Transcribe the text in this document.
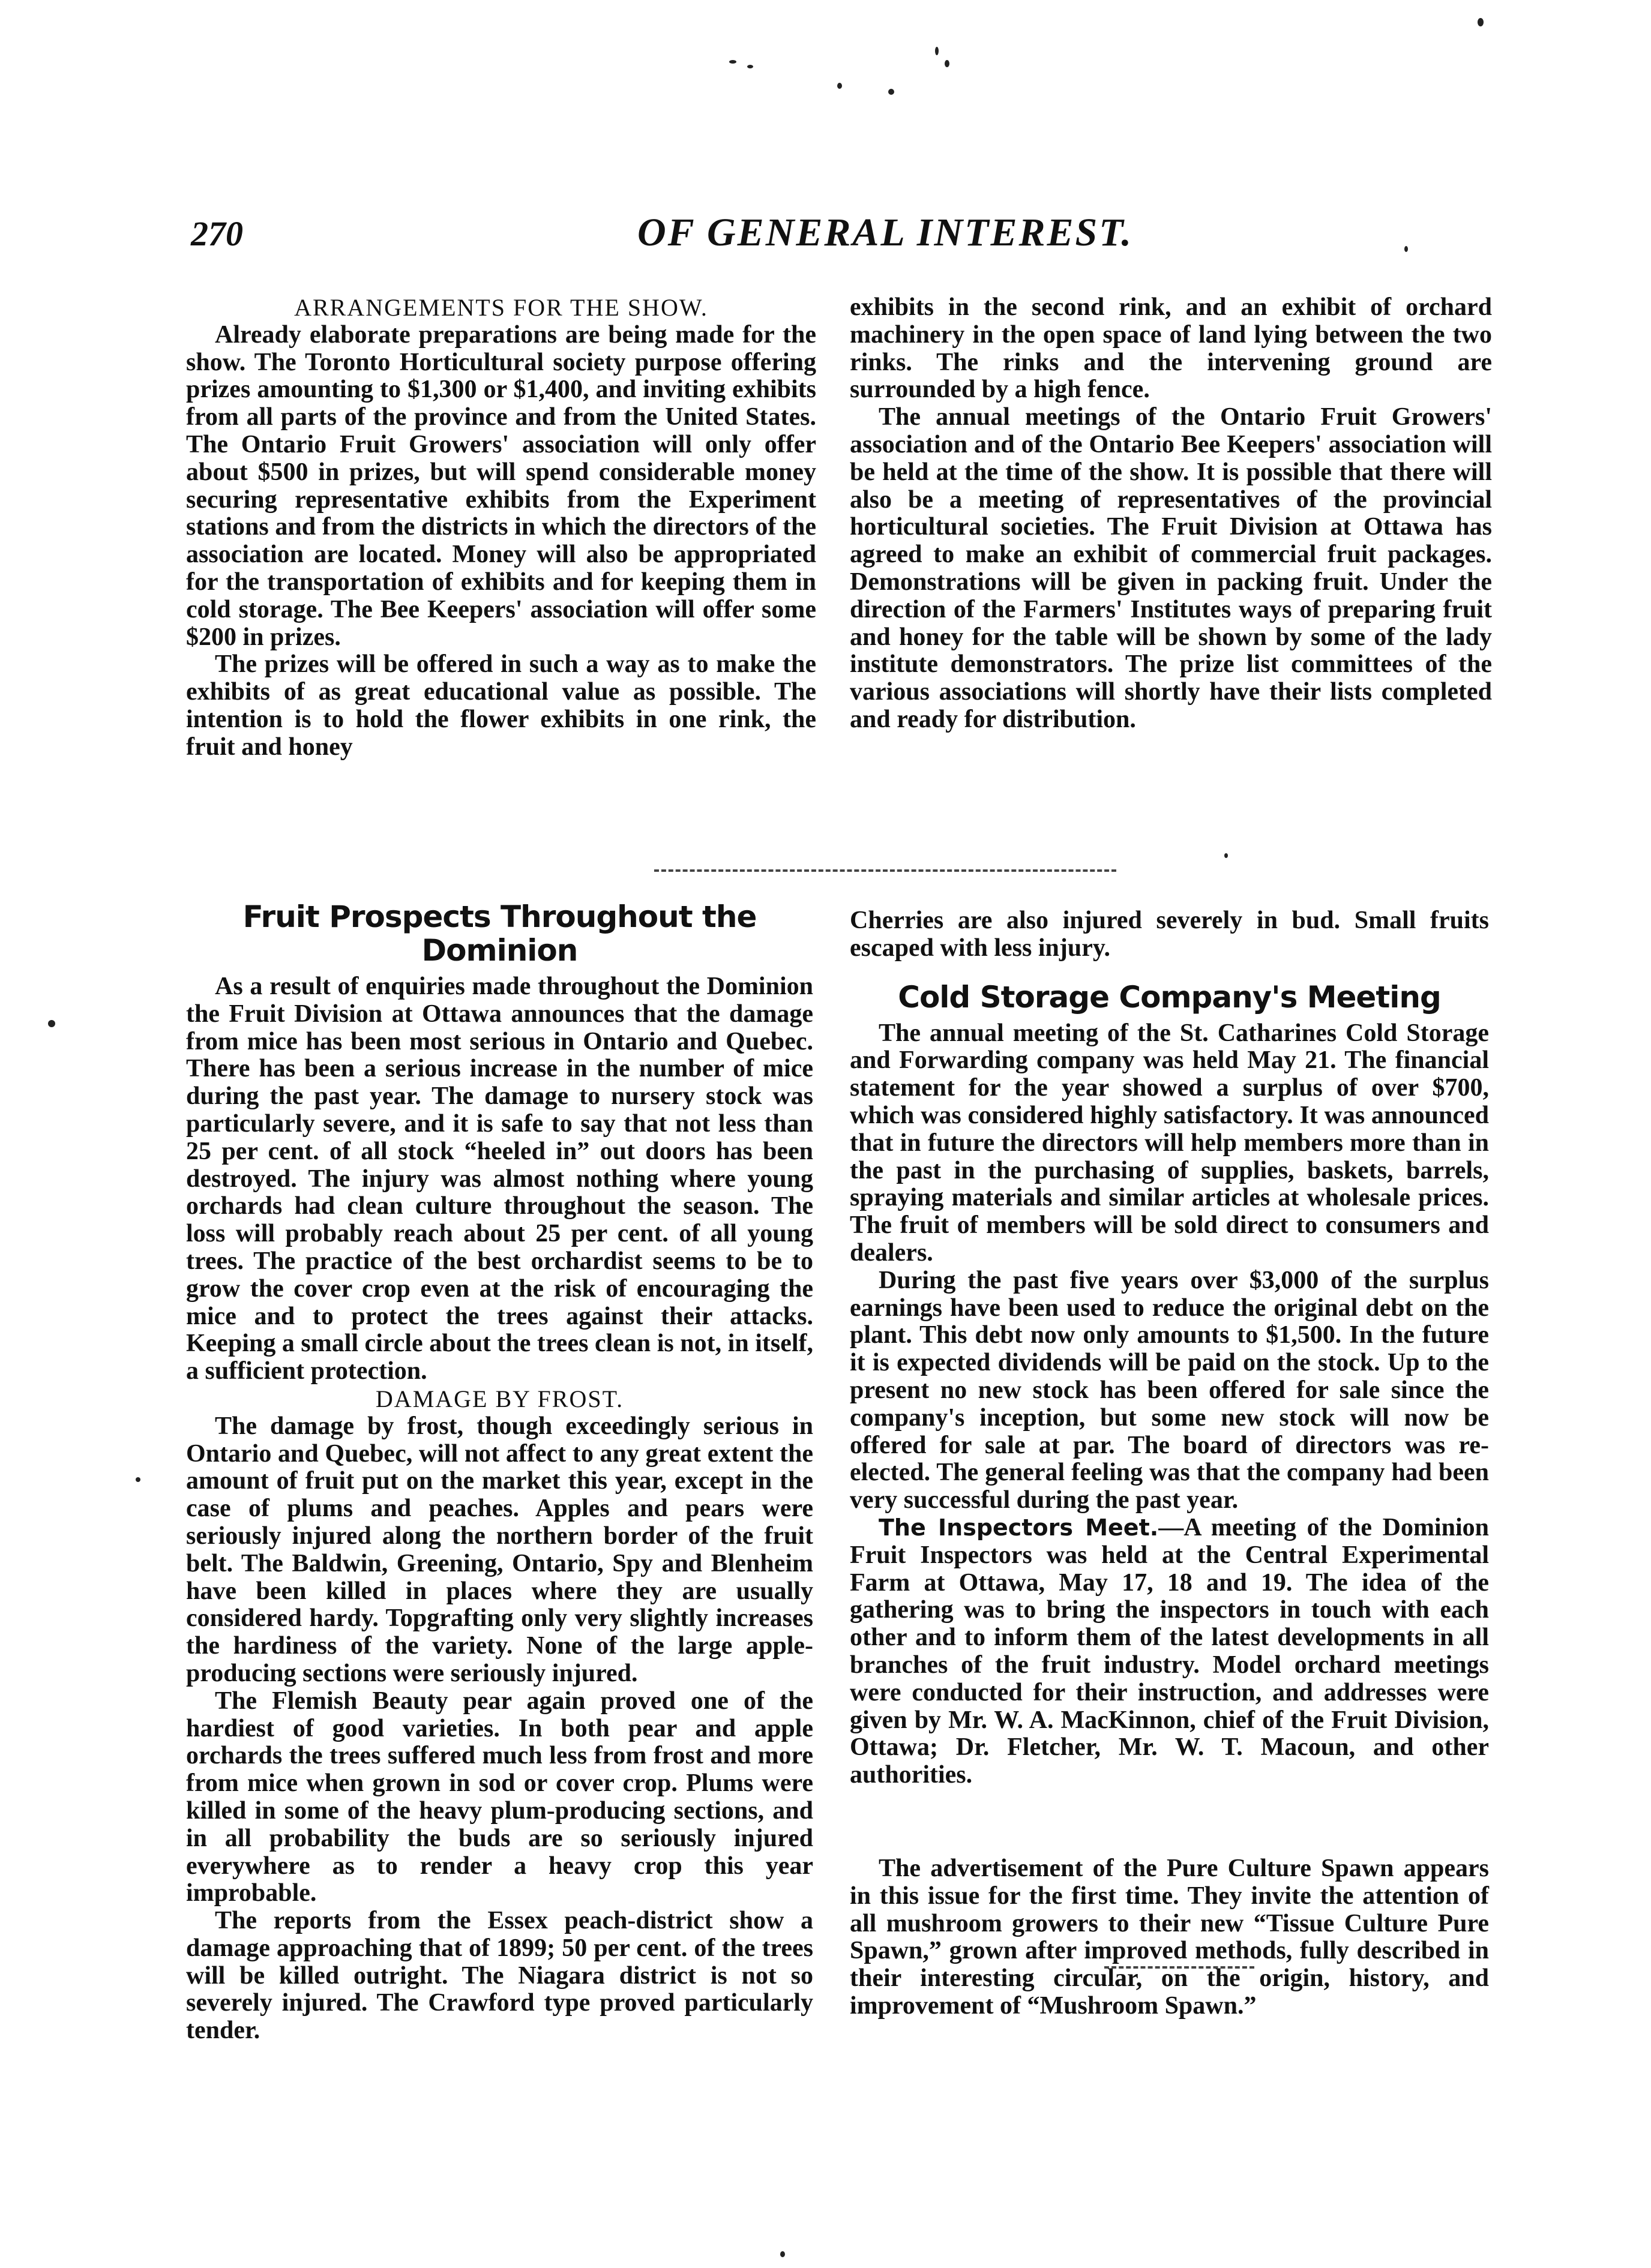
270	OF GENERAL INTEREST.

ARRANGEMENTS FOR THE SHOW.

Already elaborate preparations are being made for the show. The Toronto Horticultural society purpose offering prizes amounting to $1,300 or $1,400, and inviting exhibits from all parts of the province and from the United States. The Ontario Fruit Growers' association will only offer about $500 in prizes, but will spend considerable money securing representative exhibits from the Experiment stations and from the districts in which the directors of the association are located. Money will also be appropriated for the transportation of exhibits and for keeping them in cold storage. The Bee Keepers' association will offer some $200 in prizes.

The prizes will be offered in such a way as to make the exhibits of as great educational value as possible. The intention is to hold the flower exhibits in one rink, the fruit and honey

exhibits in the second rink, and an exhibit of orchard machinery in the open space of land lying between the two rinks. The rinks and the intervening ground are surrounded by a high fence.

The annual meetings of the Ontario Fruit Growers' association and of the Ontario Bee Keepers' association will be held at the time of the show. It is possible that there will also be a meeting of representatives of the provincial horticultural societies. The Fruit Division at Ottawa has agreed to make an exhibit of commercial fruit packages. Demonstrations will be given in packing fruit. Under the direction of the Farmers' Institutes ways of preparing fruit and honey for the table will be shown by some of the lady institute demonstrators. The prize list committees of the various associations will shortly have their lists completed and ready for distribution.

Fruit Prospects Throughout the Dominion

As a result of enquiries made throughout the Dominion the Fruit Division at Ottawa announces that the damage from mice has been most serious in Ontario and Quebec. There has been a serious increase in the number of mice during the past year. The damage to nursery stock was particularly severe, and it is safe to say that not less than 25 per cent. of all stock “heeled in” out doors has been destroyed. The injury was almost nothing where young orchards had clean culture throughout the season. The loss will probably reach about 25 per cent. of all young trees. The practice of the best orchardist seems to be to grow the cover crop even at the risk of encouraging the mice and to protect the trees against their attacks. Keeping a small circle about the trees clean is not, in itself, a sufficient protection.

DAMAGE BY FROST.

The damage by frost, though exceedingly serious in Ontario and Quebec, will not affect to any great extent the amount of fruit put on the market this year, except in the case of plums and peaches. Apples and pears were seriously injured along the northern border of the fruit belt. The Baldwin, Greening, Ontario, Spy and Blenheim have been killed in places where they are usually considered hardy. Topgrafting only very slightly increases the hardiness of the variety. None of the large apple-producing sections were seriously injured.

The Flemish Beauty pear again proved one of the hardiest of good varieties. In both pear and apple orchards the trees suffered much less from frost and more from mice when grown in sod or cover crop. Plums were killed in some of the heavy plum-producing sections, and in all probability the buds are so seriously injured everywhere as to render a heavy crop this year improbable.

The reports from the Essex peach-district show a damage approaching that of 1899; 50 per cent. of the trees will be killed outright. The Niagara district is not so severely injured. The Crawford type proved particularly tender.

Cherries are also injured severely in bud. Small fruits escaped with less injury.

Cold Storage Company's Meeting

The annual meeting of the St. Catharines Cold Storage and Forwarding company was held May 21. The financial statement for the year showed a surplus of over $700, which was considered highly satisfactory. It was announced that in future the directors will help members more than in the past in the purchasing of supplies, baskets, barrels, spraying materials and similar articles at wholesale prices. The fruit of members will be sold direct to consumers and dealers.

During the past five years over $3,000 of the surplus earnings have been used to reduce the original debt on the plant. This debt now only amounts to $1,500. In the future it is expected dividends will be paid on the stock. Up to the present no new stock has been offered for sale since the company's inception, but some new stock will now be offered for sale at par. The board of directors was re-elected. The general feeling was that the company had been very successful during the past year.

The Inspectors Meet.—A meeting of the Dominion Fruit Inspectors was held at the Central Experimental Farm at Ottawa, May 17, 18 and 19. The idea of the gathering was to bring the inspectors in touch with each other and to inform them of the latest developments in all branches of the fruit industry. Model orchard meetings were conducted for their instruction, and addresses were given by Mr. W. A. MacKinnon, chief of the Fruit Division, Ottawa; Dr. Fletcher, Mr. W. T. Macoun, and other authorities.

The advertisement of the Pure Culture Spawn appears in this issue for the first time. They invite the attention of all mushroom growers to their new “Tissue Culture Pure Spawn,” grown after improved methods, fully described in their interesting circular, on the origin, history, and improvement of “Mushroom Spawn.”
